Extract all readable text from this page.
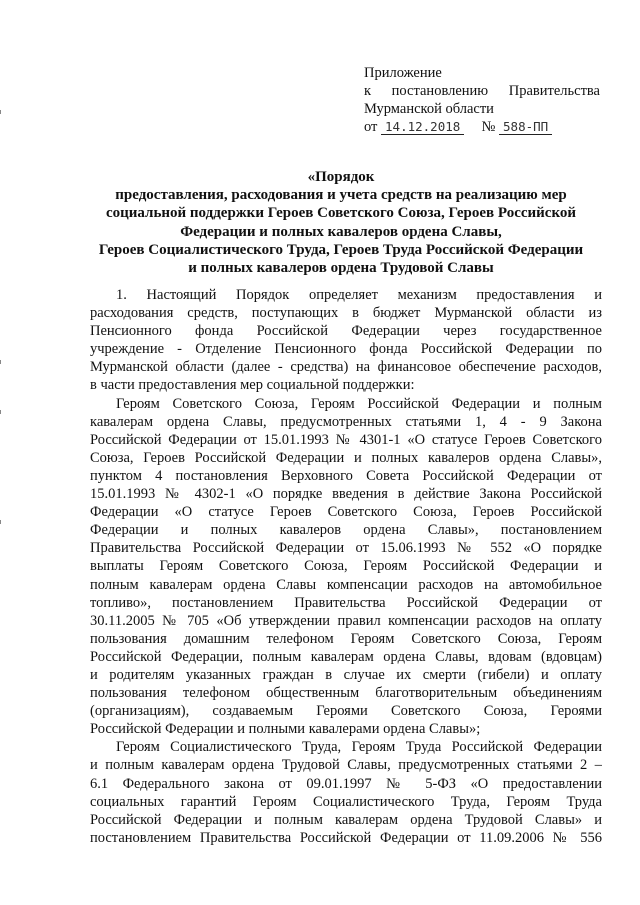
Приложение
к постановлению Правительства
Мурманской области
от 14.12.2018 № 588-ПП
«Порядок
предоставления, расходования и учета средств на реализацию мер
социальной поддержки Героев Советского Союза, Героев Российской
Федерации и полных кавалеров ордена Славы,
Героев Социалистического Труда, Героев Труда Российской Федерации
и полных кавалеров ордена Трудовой Славы
1. Настоящий Порядок определяет механизм предоставления и
расходования средств, поступающих в бюджет Мурманской области из
Пенсионного фонда Российской Федерации через государственное
учреждение - Отделение Пенсионного фонда Российской Федерации по
Мурманской области (далее - средства) на финансовое обеспечение расходов,
в части предоставления мер социальной поддержки:
Героям Советского Союза, Героям Российской Федерации и полным
кавалерам ордена Славы, предусмотренных статьями 1, 4 - 9 Закона
Российской Федерации от 15.01.1993 № 4301-1 «О статусе Героев Советского
Союза, Героев Российской Федерации и полных кавалеров ордена Славы»,
пунктом 4 постановления Верховного Совета Российской Федерации от
15.01.1993 № 4302-1 «О порядке введения в действие Закона Российской
Федерации «О статусе Героев Советского Союза, Героев Российской
Федерации и полных кавалеров ордена Славы», постановлением
Правительства Российской Федерации от 15.06.1993 № 552 «О порядке
выплаты Героям Советского Союза, Героям Российской Федерации и
полным кавалерам ордена Славы компенсации расходов на автомобильное
топливо», постановлением Правительства Российской Федерации от
30.11.2005 № 705 «Об утверждении правил компенсации расходов на оплату
пользования домашним телефоном Героям Советского Союза, Героям
Российской Федерации, полным кавалерам ордена Славы, вдовам (вдовцам)
и родителям указанных граждан в случае их смерти (гибели) и оплату
пользования телефоном общественным благотворительным объединениям
(организациям), создаваемым Героями Советского Союза, Героями
Российской Федерации и полными кавалерами ордена Славы»;
Героям Социалистического Труда, Героям Труда Российской Федерации
и полным кавалерам ордена Трудовой Славы, предусмотренных статьями 2 –
6.1 Федерального закона от 09.01.1997 № 5-ФЗ «О предоставлении
социальных гарантий Героям Социалистического Труда, Героям Труда
Российской Федерации и полным кавалерам ордена Трудовой Славы» и
постановлением Правительства Российской Федерации от 11.09.2006 № 556
